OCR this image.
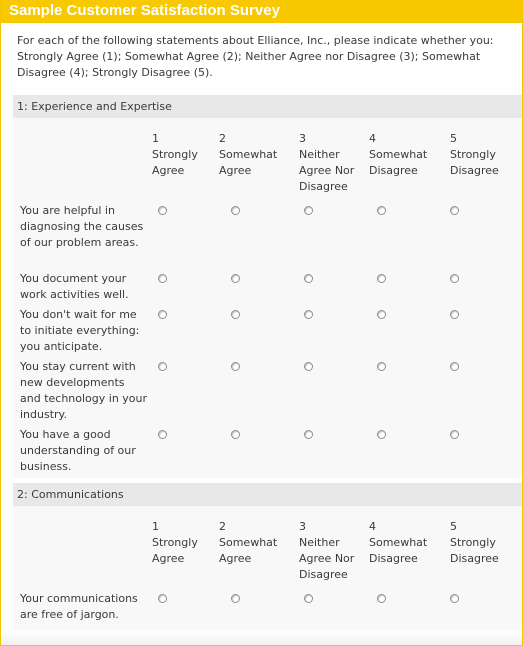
Sample Customer Satisfaction Survey
For each of the following statements about Elliance, Inc., please indicate whether you: Strongly Agree (1); Somewhat Agree (2); Neither Agree nor Disagree (3); Somewhat Disagree (4); Strongly Disagree (5).
1: Experience and Expertise
1
Strongly
Agree
2
Somewhat
Agree
3
Neither
Agree Nor
Disagree
4
Somewhat
Disagree
5
Strongly
Disagree
You are helpful in diagnosing the causes of our problem areas.
You document your work activities well.
You don't wait for me to initiate everything: you anticipate.
You stay current with new developments and technology in your industry.
You have a good understanding of our business.
2: Communications
1
Strongly
Agree
2
Somewhat
Agree
3
Neither
Agree Nor
Disagree
4
Somewhat
Disagree
5
Strongly
Disagree
Your communications are free of jargon.
